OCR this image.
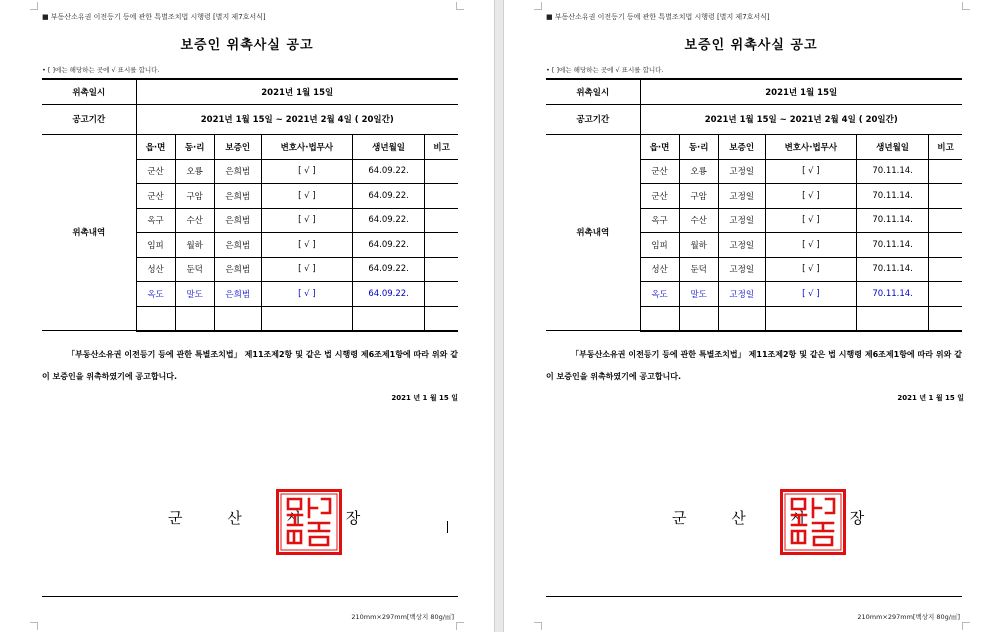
■ 부동산소유권 이전등기 등에 관한 특별조치법 시행령 [별지 제7호서식]
보증인 위촉사실 공고
• [ ]에는 해당하는 곳에 √ 표시를 합니다.
위촉일시	2021년 1월 15일					
공고기간	2021년 1월 15일 ~ 2021년 2월 4일 ( 20일간)					
위촉내역	읍·면	동·리	보증인	변호사·법무사	생년월일	비고
	군산	오룡	은희범	[ √ ]	64.09.22.	
	군산	구암	은희범	[ √ ]	64.09.22.	
	옥구	수산	은희범	[ √ ]	64.09.22.	
	임피	월하	은희범	[ √ ]	64.09.22.	
	성산	둔덕	은희범	[ √ ]	64.09.22.	
	옥도	말도	은희범	[ √ ]	64.09.22.	

「부동산소유권 이전등기 등에 관한 특별조치법」 제11조제2항 및 같은 법 시행령 제6조제1항에 따라 위와 같이 보증인을 위촉하였기에 공고합니다.
2021 년 1 월 15 일
군 산 시 장
210mm×297mm[백상지 80g/㎡]
■ 부동산소유권 이전등기 등에 관한 특별조치법 시행령 [별지 제7호서식]
보증인 위촉사실 공고
• [ ]에는 해당하는 곳에 √ 표시를 합니다.
위촉일시	2021년 1월 15일					
공고기간	2021년 1월 15일 ~ 2021년 2월 4일 ( 20일간)					
위촉내역	읍·면	동·리	보증인	변호사·법무사	생년월일	비고
	군산	오룡	고정일	[ √ ]	70.11.14.	
	군산	구암	고정일	[ √ ]	70.11.14.	
	옥구	수산	고정일	[ √ ]	70.11.14.	
	임피	월하	고정일	[ √ ]	70.11.14.	
	성산	둔덕	고정일	[ √ ]	70.11.14.	
	옥도	말도	고정일	[ √ ]	70.11.14.	

「부동산소유권 이전등기 등에 관한 특별조치법」 제11조제2항 및 같은 법 시행령 제6조제1항에 따라 위와 같이 보증인을 위촉하였기에 공고합니다.
2021 년 1 월 15 일
군 산 시 장
210mm×297mm[백상지 80g/㎡]
